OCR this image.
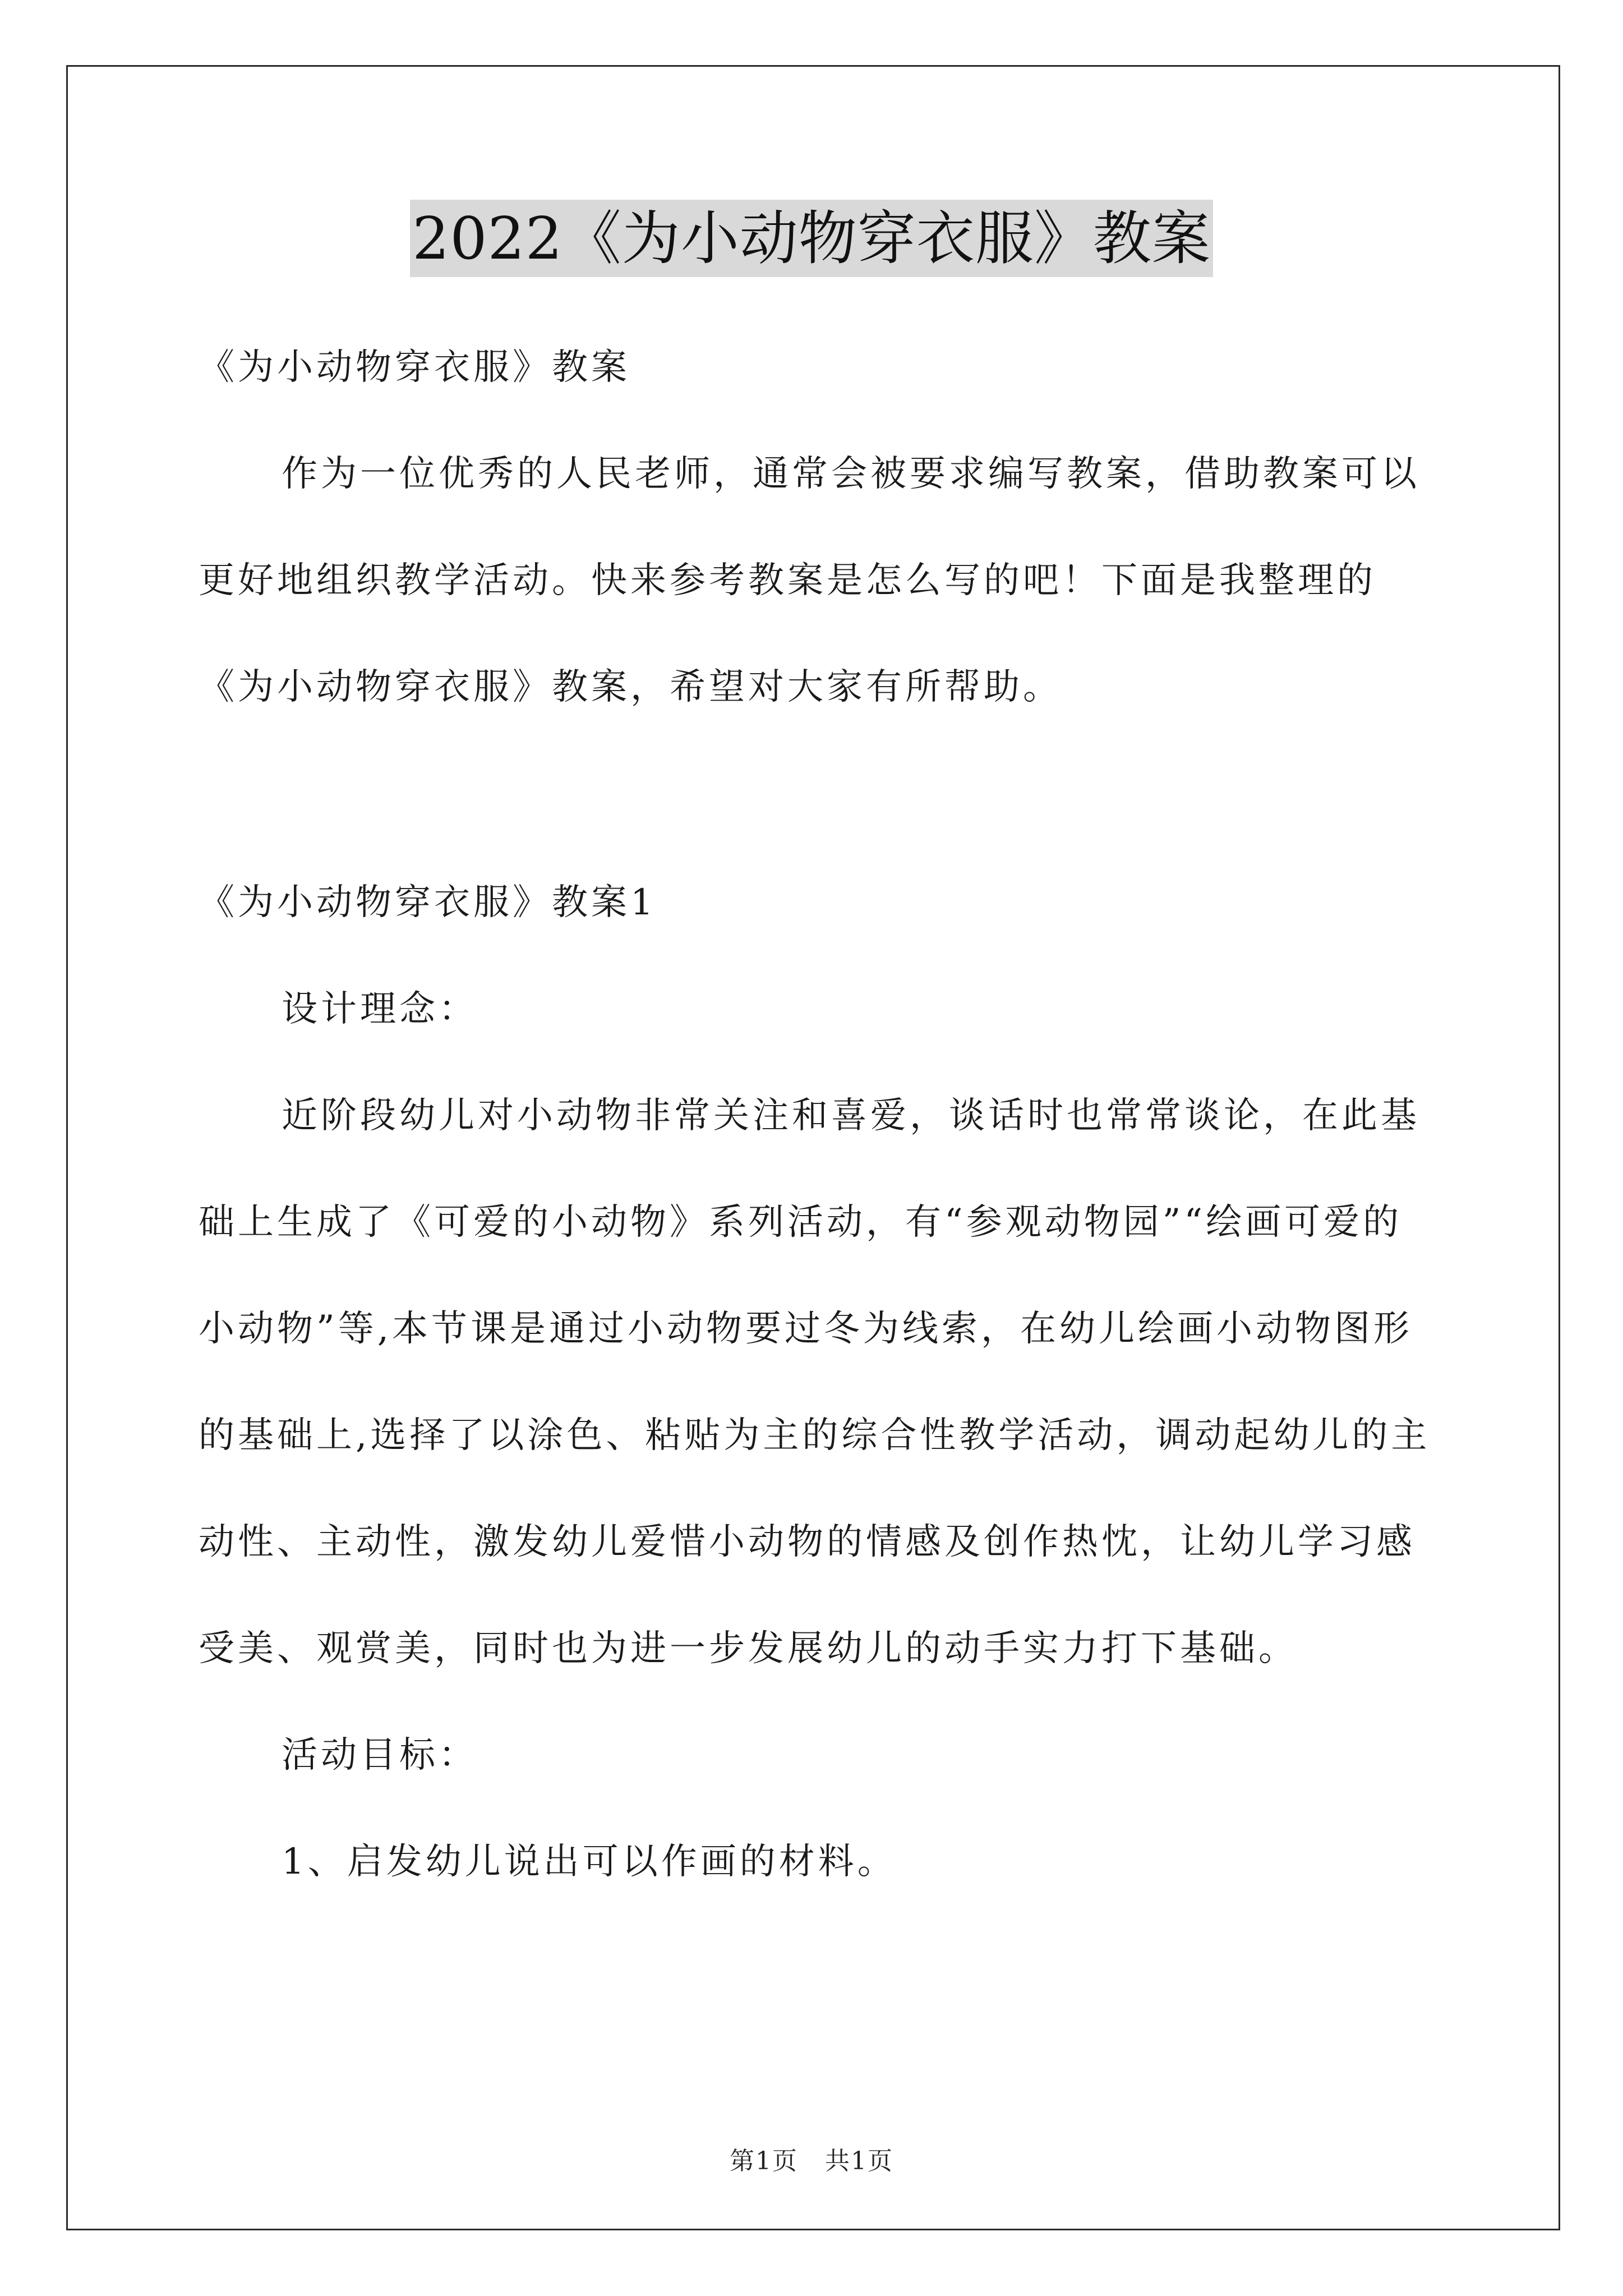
2022《为小动物穿衣服》教案

《为小动物穿衣服》教案

作为一位优秀的人民老师，通常会被要求编写教案，借助教案可以更好地组织教学活动。快来参考教案是怎么写的吧！下面是我整理的《为小动物穿衣服》教案，希望对大家有所帮助。

《为小动物穿衣服》教案1

设计理念：

近阶段幼儿对小动物非常关注和喜爱，谈话时也常常谈论，在此基础上生成了《可爱的小动物》系列活动，有“参观动物园”“绘画可爱的小动物”等,本节课是通过小动物要过冬为线索，在幼儿绘画小动物图形的基础上,选择了以涂色、粘贴为主的综合性教学活动，调动起幼儿的主动性、主动性，激发幼儿爱惜小动物的情感及创作热忱，让幼儿学习感受美、观赏美，同时也为进一步发展幼儿的动手实力打下基础。

活动目标：

1、启发幼儿说出可以作画的材料。

第1页 共1页
